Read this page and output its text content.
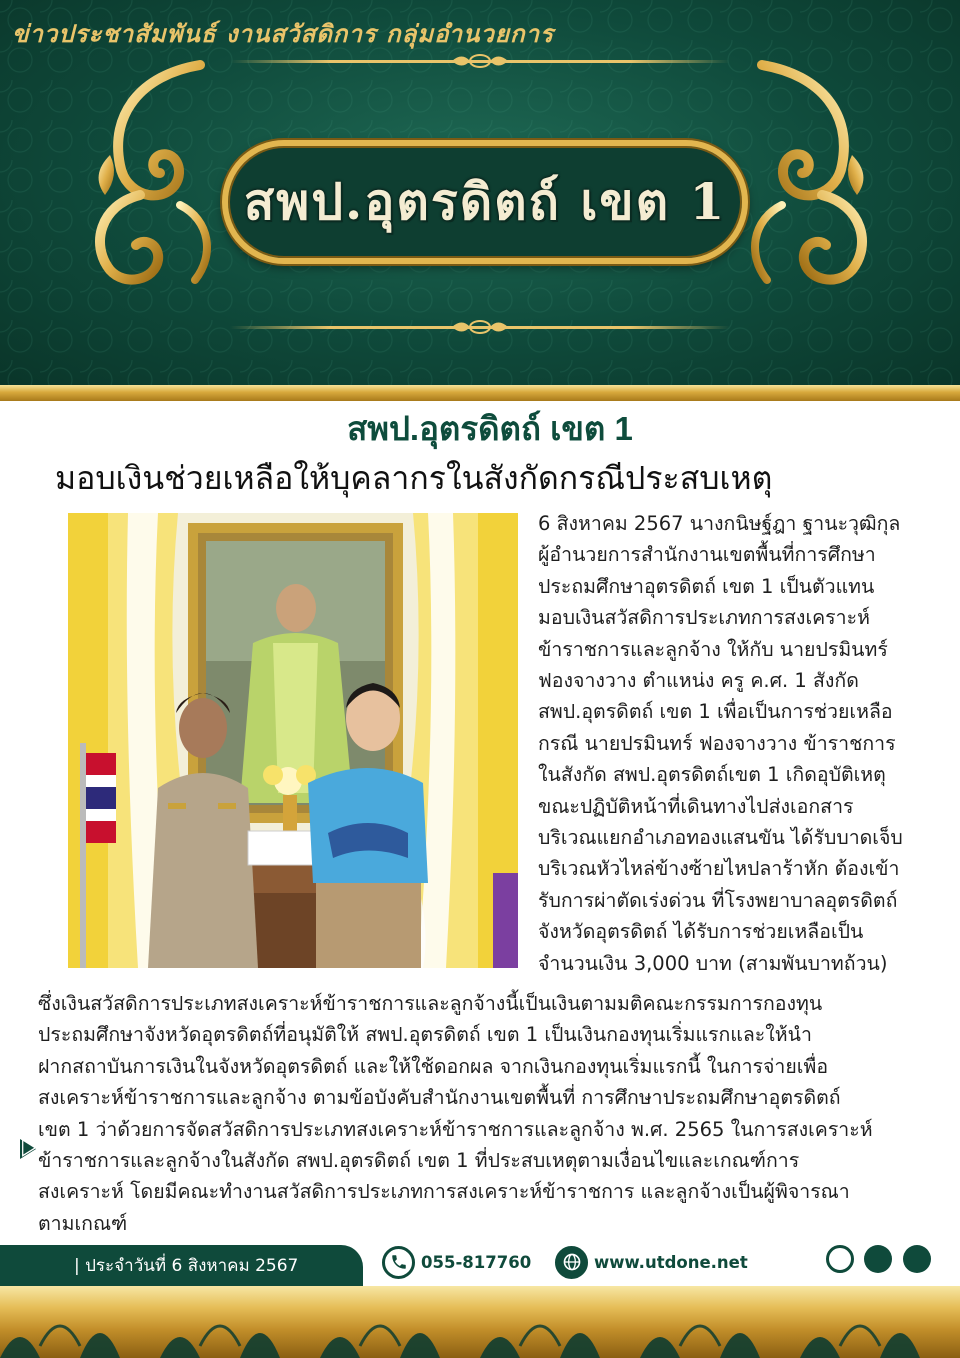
ข่าวประชาสัมพันธ์ งานสวัสดิการ กลุ่มอำนวยการ
สพป.อุตรดิตถ์ เขต 1
สพป.อุตรดิตถ์ เขต 1
มอบเงินช่วยเหลือให้บุคลากรในสังกัดกรณีประสบเหตุ
6 สิงหาคม 2567 นางกนิษฐ์ฎา ฐานะวุฒิกุล
ผู้อำนวยการสำนักงานเขตพื้นที่การศึกษา
ประถมศึกษาอุตรดิตถ์ เขต 1 เป็นตัวแทน
มอบเงินสวัสดิการประเภทการสงเคราะห์
ข้าราชการและลูกจ้าง ให้กับ นายปรมินทร์
ฟองจางวาง ตำแหน่ง ครู ค.ศ. 1 สังกัด
สพป.อุตรดิตถ์ เขต 1 เพื่อเป็นการช่วยเหลือ
กรณี นายปรมินทร์ ฟองจางวาง ข้าราชการ
ในสังกัด สพป.อุตรดิตถ์เขต 1 เกิดอุบัติเหตุ
ขณะปฏิบัติหน้าที่เดินทางไปส่งเอกสาร
บริเวณแยกอำเภอทองแสนขัน ได้รับบาดเจ็บ
บริเวณหัวไหล่ข้างซ้ายไหปลาร้าหัก ต้องเข้า
รับการผ่าตัดเร่งด่วน ที่โรงพยาบาลอุตรดิตถ์
จังหวัดอุตรดิตถ์ ได้รับการช่วยเหลือเป็น
จำนวนเงิน 3,000 บาท (สามพันบาทถ้วน)
ซึ่งเงินสวัสดิการประเภทสงเคราะห์ข้าราชการและลูกจ้างนี้เป็นเงินตามมติคณะกรรมการกองทุน
ประถมศึกษาจังหวัดอุตรดิตถ์ที่อนุมัติให้ สพป.อุตรดิตถ์ เขต 1 เป็นเงินกองทุนเริ่มแรกและให้นำ
ฝากสถาบันการเงินในจังหวัดอุตรดิตถ์ และให้ใช้ดอกผล จากเงินกองทุนเริ่มแรกนี้ ในการจ่ายเพื่อ
สงเคราะห์ข้าราชการและลูกจ้าง ตามข้อบังคับสำนักงานเขตพื้นที่ การศึกษาประถมศึกษาอุตรดิตถ์
เขต 1 ว่าด้วยการจัดสวัสดิการประเภทสงเคราะห์ข้าราชการและลูกจ้าง พ.ศ. 2565 ในการสงเคราะห์
ข้าราชการและลูกจ้างในสังกัด สพป.อุตรดิตถ์ เขต 1 ที่ประสบเหตุตามเงื่อนไขและเกณฑ์การ
สงเคราะห์ โดยมีคณะทำงานสวัสดิการประเภทการสงเคราะห์ข้าราชการ และลูกจ้างเป็นผู้พิจารณา
ตามเกณฑ์
| ประจำวันที่ 6 สิงหาคม 2567	055-817760	www.utdone.net
